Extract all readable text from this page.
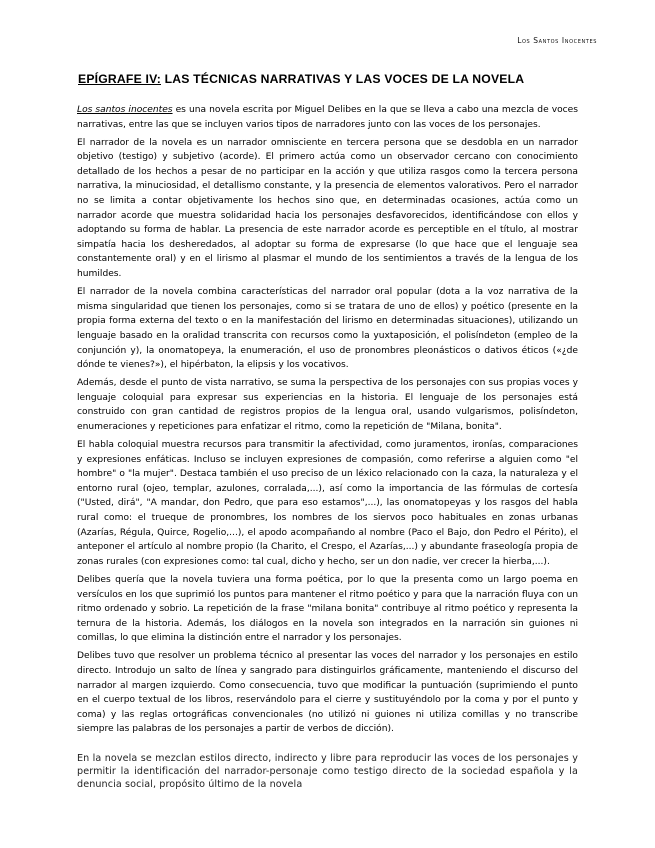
Los Santos Inocentes
EPÍGRAFE IV: LAS TÉCNICAS NARRATIVAS Y LAS VOCES DE LA NOVELA

Los santos inocentes es una novela escrita por Miguel Delibes en la que se lleva a cabo una mezcla de voces narrativas, entre las que se incluyen varios tipos de narradores junto con las voces de los personajes.

El narrador de la novela es un narrador omnisciente en tercera persona que se desdobla en un narrador objetivo (testigo) y subjetivo (acorde). El primero actúa como un observador cercano con conocimiento detallado de los hechos a pesar de no participar en la acción y que utiliza rasgos como la tercera persona narrativa, la minuciosidad, el detallismo constante, y la presencia de elementos valorativos. Pero el narrador no se limita a contar objetivamente los hechos sino que, en determinadas ocasiones, actúa como un narrador acorde que muestra solidaridad hacia los personajes desfavorecidos, identificándose con ellos y adoptando su forma de hablar. La presencia de este narrador acorde es perceptible en el título, al mostrar simpatía hacia los desheredados, al adoptar su forma de expresarse (lo que hace que el lenguaje sea constantemente oral) y en el lirismo al plasmar el mundo de los sentimientos a través de la lengua de los humildes.

El narrador de la novela combina características del narrador oral popular (dota a la voz narrativa de la misma singularidad que tienen los personajes, como si se tratara de uno de ellos) y poético (presente en la propia forma externa del texto o en la manifestación del lirismo en determinadas situaciones), utilizando un lenguaje basado en la oralidad transcrita con recursos como la yuxtaposición, el polisíndeton (empleo de la conjunción y), la onomatopeya, la enumeración, el uso de pronombres pleonásticos o dativos éticos («¿de dónde te vienes?»), el hipérbaton, la elipsis y los vocativos.

Además, desde el punto de vista narrativo, se suma la perspectiva de los personajes con sus propias voces y lenguaje coloquial para expresar sus experiencias en la historia. El lenguaje de los personajes está construido con gran cantidad de registros propios de la lengua oral, usando vulgarismos, polisíndeton, enumeraciones y repeticiones para enfatizar el ritmo, como la repetición de "Milana, bonita".

El habla coloquial muestra recursos para transmitir la afectividad, como juramentos, ironías, comparaciones y expresiones enfáticas. Incluso se incluyen expresiones de compasión, como referirse a alguien como "el hombre" o "la mujer". Destaca también el uso preciso de un léxico relacionado con la caza, la naturaleza y el entorno rural (ojeo, templar, azulones, corralada,...), así como la importancia de las fórmulas de cortesía ("Usted, dirá", "A mandar, don Pedro, que para eso estamos",...), las onomatopeyas y los rasgos del habla rural como: el trueque de pronombres, los nombres de los siervos poco habituales en zonas urbanas (Azarías, Régula, Quirce, Rogelio,...), el apodo acompañando al nombre (Paco el Bajo, don Pedro el Périto), el anteponer el artículo al nombre propio (la Charito, el Crespo, el Azarías,...) y abundante fraseología propia de zonas rurales (con expresiones como: tal cual, dicho y hecho, ser un don nadie, ver crecer la hierba,...).

Delibes quería que la novela tuviera una forma poética, por lo que la presenta como un largo poema en versículos en los que suprimió los puntos para mantener el ritmo poético y para que la narración fluya con un ritmo ordenado y sobrio. La repetición de la frase "milana bonita" contribuye al ritmo poético y representa la ternura de la historia. Además, los diálogos en la novela son integrados en la narración sin guiones ni comillas, lo que elimina la distinción entre el narrador y los personajes.

Delibes tuvo que resolver un problema técnico al presentar las voces del narrador y los personajes en estilo directo. Introdujo un salto de línea y sangrado para distinguirlos gráficamente, manteniendo el discurso del narrador al margen izquierdo. Como consecuencia, tuvo que modificar la puntuación (suprimiendo el punto en el cuerpo textual de los libros, reservándolo para el cierre y sustituyéndolo por la coma y por el punto y coma) y las reglas ortográficas convencionales (no utilizó ni guiones ni utiliza comillas y no transcribe siempre las palabras de los personajes a partir de verbos de dicción).

En la novela se mezclan estilos directo, indirecto y libre para reproducir las voces de los personajes y permitir la identificación del narrador-personaje como testigo directo de la sociedad española y la denuncia social, propósito último de la novela
